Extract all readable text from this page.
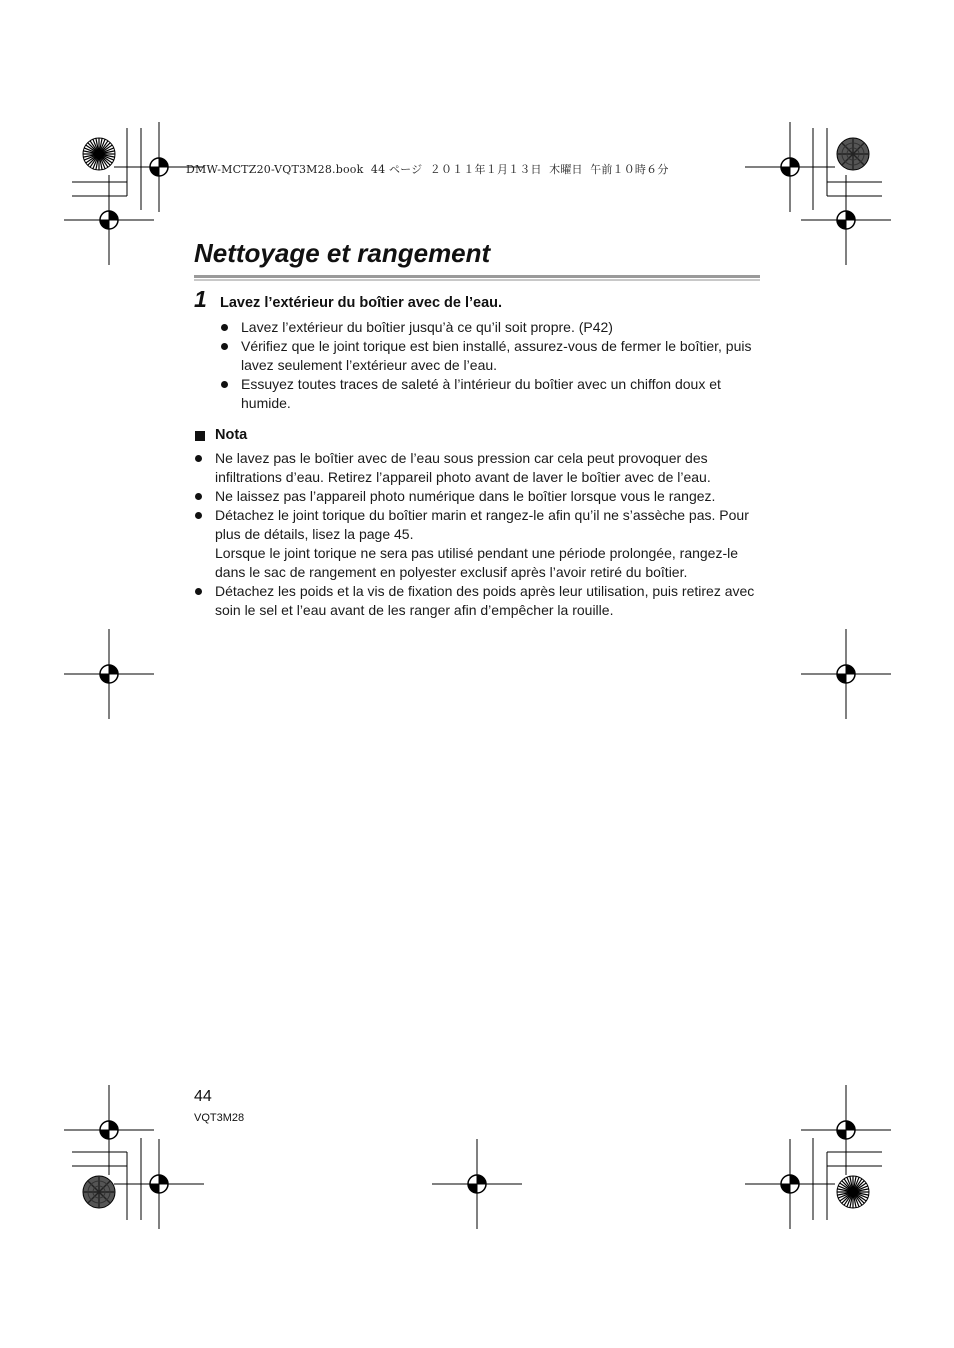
DMW-MCTZ20-VQT3M28.book  44 ページ  ２０１１年１月１３日  木曜日  午前１０時６分
Nettoyage et rangement
1 Lavez l’extérieur du boîtier avec de l’eau.
Lavez l’extérieur du boîtier jusqu’à ce qu’il soit propre. (P42)
Vérifiez que le joint torique est bien installé, assurez-vous de fermer le boîtier, puis lavez seulement l’extérieur avec de l’eau.
Essuyez toutes traces de saleté à l’intérieur du boîtier avec un chiffon doux et humide.
Nota
Ne lavez pas le boîtier avec de l’eau sous pression car cela peut provoquer des infiltrations d’eau. Retirez l’appareil photo avant de laver le boîtier avec de l’eau.
Ne laissez pas l’appareil photo numérique dans le boîtier lorsque vous le rangez.
Détachez le joint torique du boîtier marin et rangez-le afin qu’il ne s’assèche pas. Pour plus de détails, lisez la page 45.
Lorsque le joint torique ne sera pas utilisé pendant une période prolongée, rangez-le dans le sac de rangement en polyester exclusif après l’avoir retiré du boîtier.
Détachez les poids et la vis de fixation des poids après leur utilisation, puis retirez avec soin le sel et l’eau avant de les ranger afin d’empêcher la rouille.
44
VQT3M28
